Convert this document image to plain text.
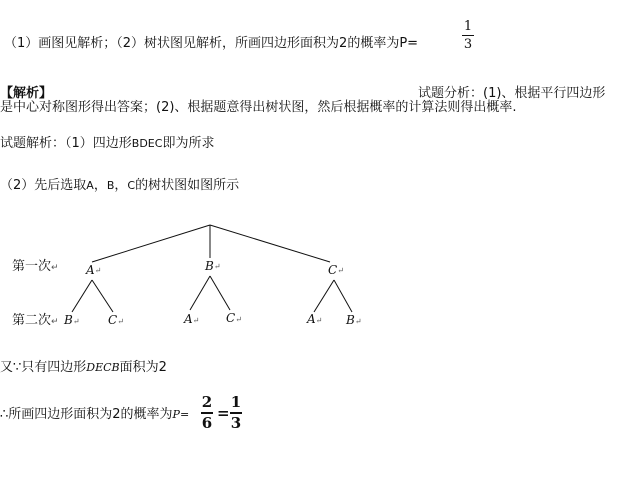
（1）画图见解析；（2）树状图见解析，所画四边形面积为2的概率为P=
1
3
【解析】	试题分析：(1)、根据平行四边形
是中心对称图形得出答案；(2)、根据题意得出树状图，然后根据概率的计算法则得出概率.
试题解析：（1）四边形BDEC即为所求
（2）先后选取A，B，C的树状图如图所示
第一次↵
第二次↵
A↵	B↵	C↵
B↵ C↵	A↵ C↵	A↵ B↵
又∵只有四边形DECB面积为2
∴所画四边形面积为2的概率为P=
2
6
=
1
3
